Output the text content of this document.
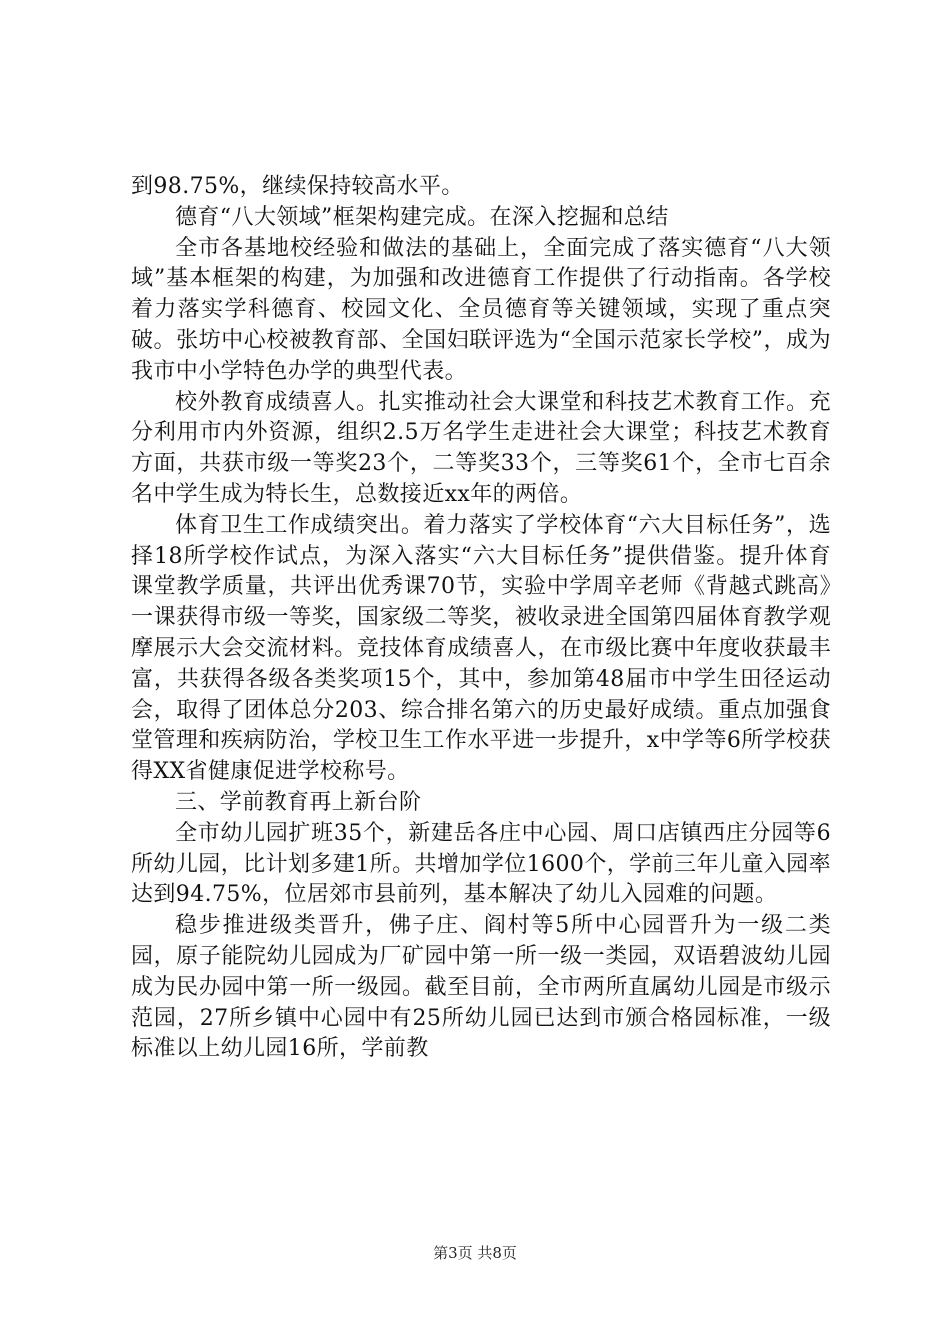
到98.75%，继续保持较高水平。

德育“八大领域”框架构建完成。在深入挖掘和总结

全市各基地校经验和做法的基础上，全面完成了落实德育“八大领域”基本框架的构建，为加强和改进德育工作提供了行动指南。各学校着力落实学科德育、校园文化、全员德育等关键领域，实现了重点突破。张坊中心校被教育部、全国妇联评选为“全国示范家长学校”，成为我市中小学特色办学的典型代表。

校外教育成绩喜人。扎实推动社会大课堂和科技艺术教育工作。充分利用市内外资源，组织2.5万名学生走进社会大课堂；科技艺术教育方面，共获市级一等奖23个，二等奖33个，三等奖61个，全市七百余名中学生成为特长生，总数接近xx年的两倍。

体育卫生工作成绩突出。着力落实了学校体育“六大目标任务”，选择18所学校作试点，为深入落实“六大目标任务”提供借鉴。提升体育课堂教学质量，共评出优秀课70节，实验中学周辛老师《背越式跳高》一课获得市级一等奖，国家级二等奖，被收录进全国第四届体育教学观摩展示大会交流材料。竞技体育成绩喜人，在市级比赛中年度收获最丰富，共获得各级各类奖项15个，其中，参加第48届市中学生田径运动会，取得了团体总分203、综合排名第六的历史最好成绩。重点加强食堂管理和疾病防治，学校卫生工作水平进一步提升，x中学等6所学校获得XX省健康促进学校称号。

三、学前教育再上新台阶

全市幼儿园扩班35个，新建岳各庄中心园、周口店镇西庄分园等6所幼儿园，比计划多建1所。共增加学位1600个，学前三年儿童入园率达到94.75%，位居郊市县前列，基本解决了幼儿入园难的问题。

稳步推进级类晋升，佛子庄、阎村等5所中心园晋升为一级二类园，原子能院幼儿园成为厂矿园中第一所一级一类园，双语碧波幼儿园成为民办园中第一所一级园。截至目前，全市两所直属幼儿园是市级示范园，27所乡镇中心园中有25所幼儿园已达到市颁合格园标准，一级标准以上幼儿园16所，学前教

第3页 共8页
